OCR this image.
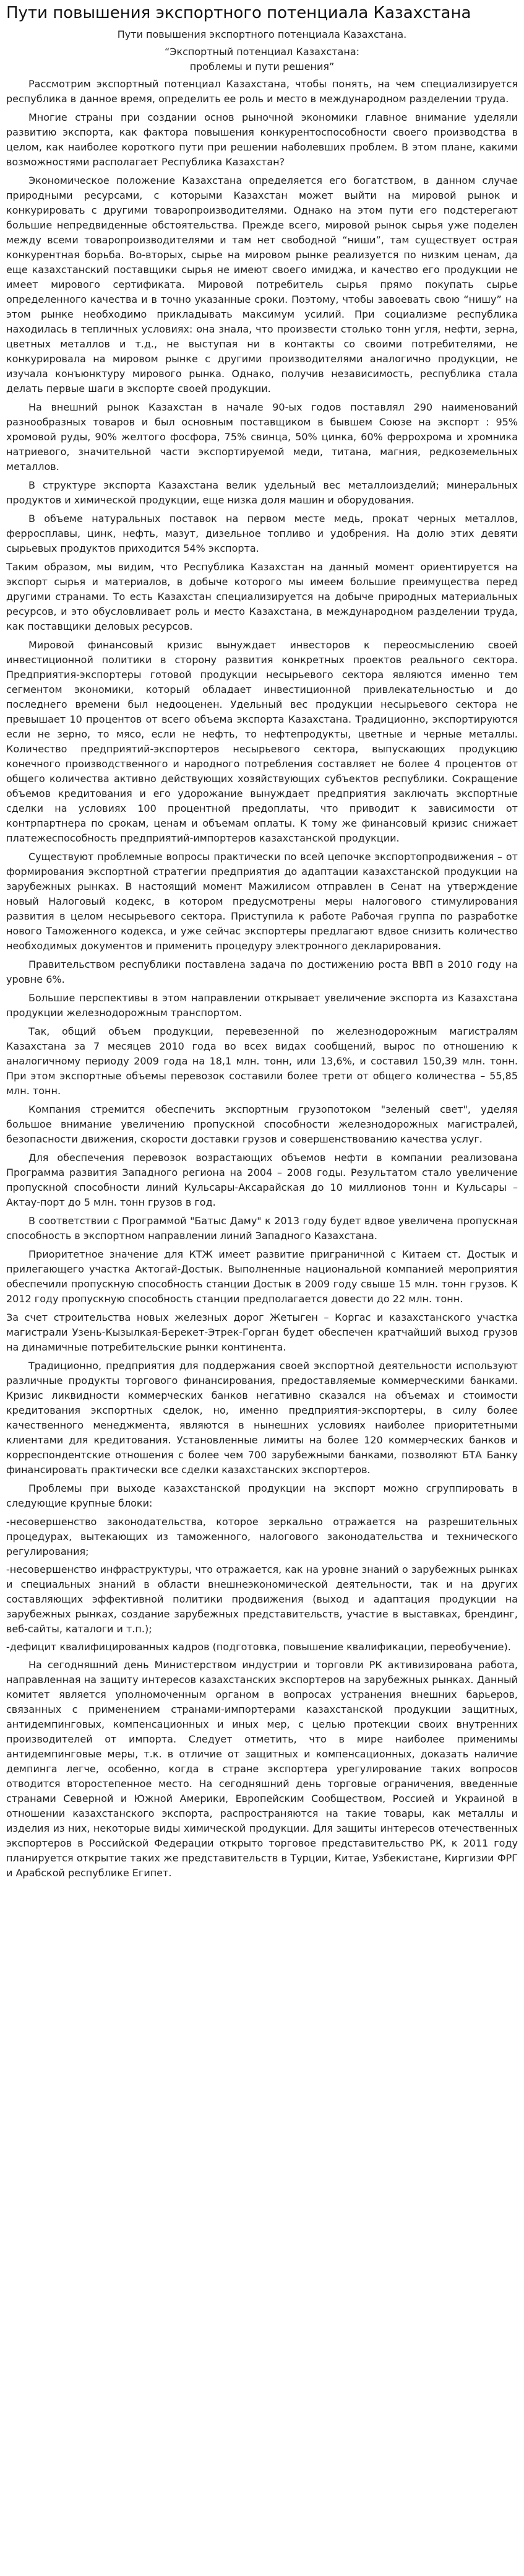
Пути повышения экспортного потенциала Казахстана

Пути повышения экспортного потенциала Казахстана.

“Экспортный потенциал Казахстана:

проблемы и пути решения”

Рассмотрим экспортный потенциал Казахстана, чтобы понять, на чем специализируется республика в данное время, определить ее роль и место в международном разделении труда.

Многие страны при создании основ рыночной экономики главное внимание уделяли развитию экспорта, как фактора повышения конкурентоспособности своего производства в целом, как наиболее короткого пути при решении наболевших проблем. В этом плане, какими возможностями располагает Республика Казахстан?

Экономическое положение Казахстана определяется его богатством, в данном случае природными ресурсами, с которыми Казахстан может выйти на мировой рынок и конкурировать с другими товаропроизводителями. Однако на этом пути его подстерегают большие непредвиденные обстоятельства. Прежде всего, мировой рынок сырья уже поделен между всеми товаропроизводителями и там нет свободной “ниши”, там существует острая конкурентная борьба. Во-вторых, сырье на мировом рынке реализуется по низким ценам, да еще казахстанский поставщики сырья не имеют своего имиджа, и качество его продукции не имеет мирового сертификата. Мировой потребитель сырья прямо покупать сырье определенного качества и в точно указанные сроки. Поэтому, чтобы завоевать свою “нишу” на этом рынке необходимо прикладывать максимум усилий. При социализме республика находилась в тепличных условиях: она знала, что произвести столько тонн угля, нефти, зерна, цветных металлов и т.д., не выступая ни в контакты со своими потребителями, не конкурировала на мировом рынке с другими производителями аналогично продукции, не изучала конъюнктуру мирового рынка. Однако, получив независимость, республика стала делать первые шаги в экспорте своей продукции.

На внешний рынок Казахстан в начале 90-ых годов поставлял 290 наименований разнообразных товаров и был основным поставщиком в бывшем Союзе на экспорт : 95% хромовой руды, 90% желтого фосфора, 75% свинца, 50% цинка, 60% феррохрома и хромника натриевого, значительной части экспортируемой меди, титана, магния, редкоземельных металлов.

В структуре экспорта Казахстана велик удельный вес металлоизделий; минеральных продуктов и химической продукции, еще низка доля машин и оборудования.

В объеме натуральных поставок на первом месте медь, прокат черных металлов, ферросплавы, цинк, нефть, мазут, дизельное топливо и удобрения. На долю этих девяти сырьевых продуктов приходится 54% экспорта.

Таким образом, мы видим, что Республика Казахстан на данный момент ориентируется на экспорт сырья и материалов, в добыче которого мы имеем большие преимущества перед другими странами. То есть Казахстан специализируется на добыче природных материальных ресурсов, и это обусловливает роль и место Казахстана, в международном разделении труда, как поставщики деловых ресурсов.

Мировой финансовый кризис вынуждает инвесторов к переосмыслению своей инвестиционной политики в сторону развития конкретных проектов реального сектора. Предприятия-экспортеры готовой продукции несырьевого сектора являются именно тем сегментом экономики, который обладает инвестиционной привлекательностью и до последнего времени был недооценен. Удельный вес продукции несырьевого сектора не превышает 10 процентов от всего объема экспорта Казахстана. Традиционно, экспортируются если не зерно, то мясо, если не нефть, то нефтепродукты, цветные и черные металлы. Количество предприятий-экспортеров несырьевого сектора, выпускающих продукцию конечного производственного и народного потребления составляет не более 4 процентов от общего количества активно действующих хозяйствующих субъектов республики. Сокращение объемов кредитования и его удорожание вынуждает предприятия заключать экспортные сделки на условиях 100 процентной предоплаты, что приводит к зависимости от контрпартнера по срокам, ценам и объемам оплаты. К тому же финансовый кризис снижает платежеспособность предприятий-импортеров казахстанской продукции.

Существуют проблемные вопросы практически по всей цепочке экспортопродвижения – от формирования экспортной стратегии предприятия до адаптации казахстанской продукции на зарубежных рынках. В настоящий момент Мажилисом отправлен в Сенат на утверждение новый Налоговый кодекс, в котором предусмотрены меры налогового стимулирования развития в целом несырьевого сектора. Приступила к работе Рабочая группа по разработке нового Таможенного кодекса, и уже сейчас экспортеры предлагают вдвое снизить количество необходимых документов и применить процедуру электронного декларирования.

Правительством республики поставлена задача по достижению роста ВВП в 2010 году на уровне 6%.

Большие перспективы в этом направлении открывает увеличение экспорта из Казахстана продукции железнодорожным транспортом.

Так, общий объем продукции, перевезенной по железнодорожным магистралям Казахстана за 7 месяцев 2010 года во всех видах сообщений, вырос по отношению к аналогичному периоду 2009 года на 18,1 млн. тонн, или 13,6%, и составил 150,39 млн. тонн. При этом экспортные объемы перевозок составили более трети от общего количества – 55,85 млн. тонн.

Компания стремится обеспечить экспортным грузопотоком "зеленый свет", уделяя большое внимание увеличению пропускной способности железнодорожных магистралей, безопасности движения, скорости доставки грузов и совершенствованию качества услуг.

Для обеспечения перевозок возрастающих объемов нефти в компании реализована Программа развития Западного региона на 2004 – 2008 годы. Результатом стало увеличение пропускной способности линий Кульсары-Аксарайская до 10 миллионов тонн и Кульсары – Актау-порт до 5 млн. тонн грузов в год.

В соответствии с Программой "Батыс Даму" к 2013 году будет вдвое увеличена пропускная способность в экспортном направлении линий Западного Казахстана.

Приоритетное значение для КТЖ имеет развитие приграничной с Китаем ст. Достык и прилегающего участка Актогай-Достык. Выполненные национальной компанией мероприятия обеспечили пропускную способность станции Достык в 2009 году свыше 15 млн. тонн грузов. К 2012 году пропускную способность станции предполагается довести до 22 млн. тонн.

За счет строительства новых железных дорог Жетыген – Коргас и казахстанского участка магистрали Узень-Кызылкая-Берекет-Этрек-Горган будет обеспечен кратчайший выход грузов на динамичные потребительские рынки континента.

Традиционно, предприятия для поддержания своей экспортной деятельности используют различные продукты торгового финансирования, предоставляемые коммерческими банками. Кризис ликвидности коммерческих банков негативно сказался на объемах и стоимости кредитования экспортных сделок, но, именно предприятия-экспортеры, в силу более качественного менеджмента, являются в нынешних условиях наиболее приоритетными клиентами для кредитования. Установленные лимиты на более 120 коммерческих банков и корреспондентские отношения с более чем 700 зарубежными банками, позволяют БТА Банку финансировать практически все сделки казахстанских экспортеров.

Проблемы при выходе казахстанской продукции на экспорт можно сгруппировать в следующие крупные блоки:

-несовершенство законодательства, которое зеркально отражается на разрешительных процедурах, вытекающих из таможенного, налогового законодательства и технического регулирования;

-несовершенство инфраструктуры, что отражается, как на уровне знаний о зарубежных рынках и специальных знаний в области внешнеэкономической деятельности, так и на других составляющих эффективной политики продвижения (выход и адаптация продукции на зарубежных рынках, создание зарубежных представительств, участие в выставках, брендинг, веб-сайты, каталоги и т.п.);

-дефицит квалифицированных кадров (подготовка, повышение квалификации, переобучение).

На сегодняшний день Министерством индустрии и торговли РК активизирована работа, направленная на защиту интересов казахстанских экспортеров на зарубежных рынках. Данный комитет является уполномоченным органом в вопросах устранения внешних барьеров, связанных с применением странами-импортерами казахстанской продукции защитных, антидемпинговых, компенсационных и иных мер, с целью протекции своих внутренних производителей от импорта. Следует отметить, что в мире наиболее применимы антидемпинговые меры, т.к. в отличие от защитных и компенсационных, доказать наличие демпинга легче, особенно, когда в стране экспортера урегулирование таких вопросов отводится второстепенное место. На сегодняшний день торговые ограничения, введенные странами Северной и Южной Америки, Европейским Сообществом, Россией и Украиной в отношении казахстанского экспорта, распространяются на такие товары, как металлы и изделия из них, некоторые виды химической продукции. Для защиты интересов отечественных экспортеров в Российской Федерации открыто торговое представительство РК, к 2011 году планируется открытие таких же представительств в Турции, Китае, Узбекистане, Киргизии ФРГ и Арабской республике Египет.
